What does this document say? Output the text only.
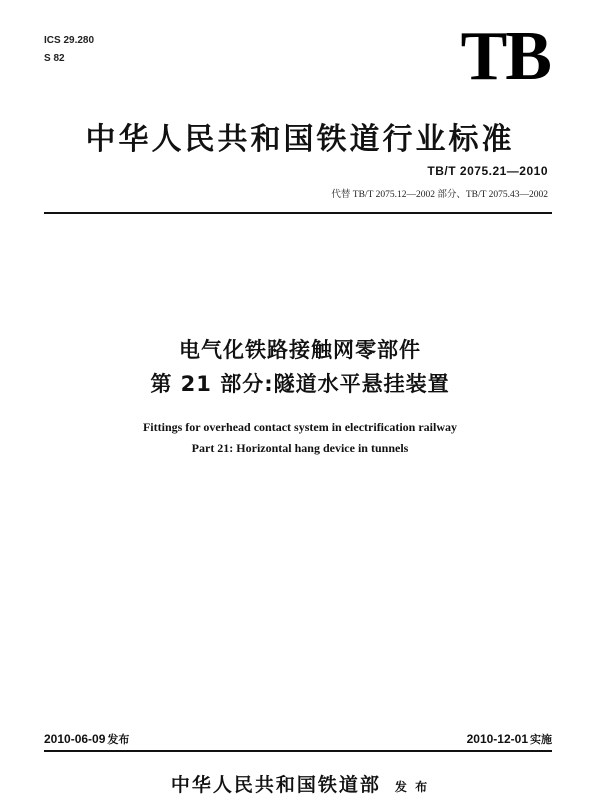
ICS 29.280
S 82	TB
中华人民共和国铁道行业标准
TB/T 2075.21—2010
代替 TB/T 2075.12—2002 部分、TB/T 2075.43—2002
电气化铁路接触网零部件
第 21 部分:隧道水平悬挂装置
Fittings for overhead contact system in electrification railway
Part 21: Horizontal hang device in tunnels
2010-06-09 发布	2010-12-01 实施
中华人民共和国铁道部 发 布
